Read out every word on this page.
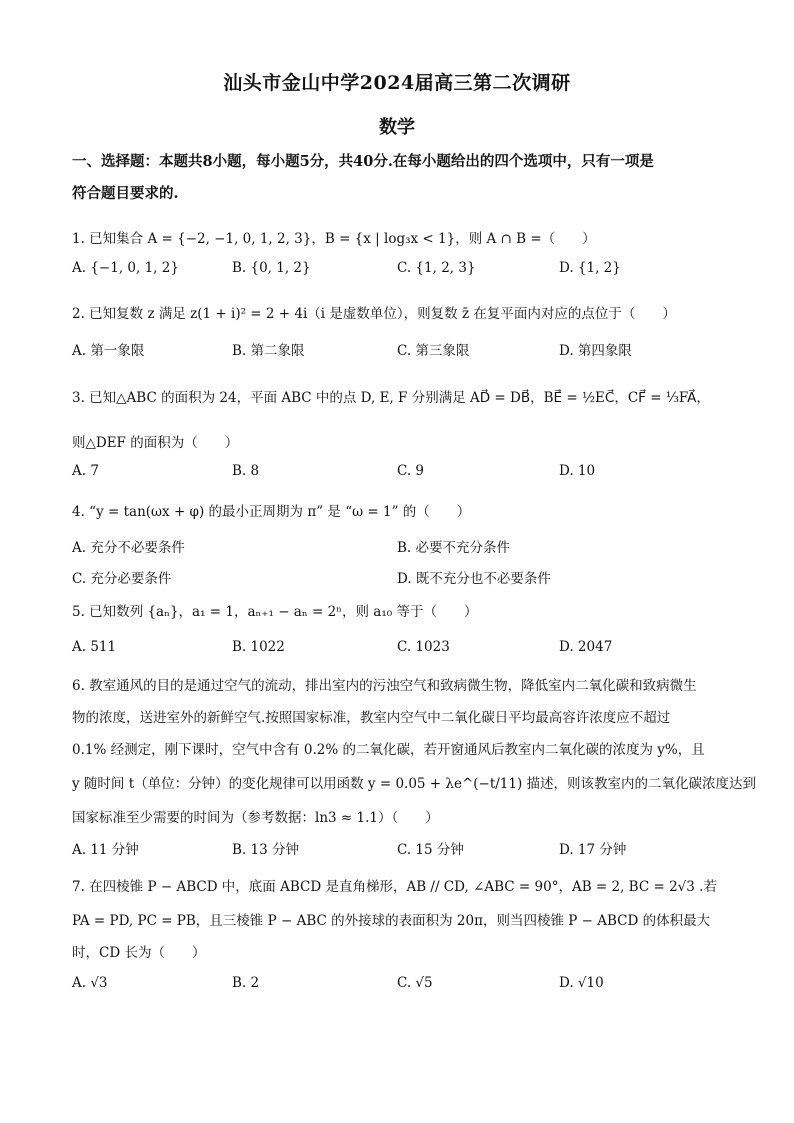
汕头市金山中学2024届高三第二次调研
数学
一、选择题：本题共8小题，每小题5分，共40分.在每小题给出的四个选项中，只有一项是
符合题目要求的.
1. 已知集合 A = {−2, −1, 0, 1, 2, 3}，B = {x | log₃x < 1}，则 A ∩ B =（　　）
A. {−1, 0, 1, 2}	B. {0, 1, 2}	C. {1, 2, 3}	D. {1, 2}
2. 已知复数 z 满足 z(1 + i)² = 2 + 4i（i 是虚数单位），则复数 z̄ 在复平面内对应的点位于（　　）
A. 第一象限	B. 第二象限	C. 第三象限	D. 第四象限
3. 已知△ABC 的面积为 24，平面 ABC 中的点 D, E, F 分别满足 AD⃗ = DB⃗，BE⃗ = ½EC⃗，CF⃗ = ⅓FA⃗，
则△DEF 的面积为（　　）
A. 7	B. 8	C. 9	D. 10
4. “y = tan(ωx + φ) 的最小正周期为 π” 是 “ω = 1” 的（　　）
A. 充分不必要条件	B. 必要不充分条件
C. 充分必要条件	D. 既不充分也不必要条件
5. 已知数列 {aₙ}，a₁ = 1，aₙ₊₁ − aₙ = 2ⁿ，则 a₁₀ 等于（　　）
A. 511	B. 1022	C. 1023	D. 2047
6. 教室通风的目的是通过空气的流动，排出室内的污浊空气和致病微生物，降低室内二氧化碳和致病微生
物的浓度，送进室外的新鲜空气.按照国家标准，教室内空气中二氧化碳日平均最高容许浓度应不超过
0.1% 经测定，刚下课时，空气中含有 0.2% 的二氧化碳，若开窗通风后教室内二氧化碳的浓度为 y%，且
y 随时间 t（单位：分钟）的变化规律可以用函数 y = 0.05 + λe^(−t/11) 描述，则该教室内的二氧化碳浓度达到
国家标准至少需要的时间为（参考数据：ln3 ≈ 1.1）（　　）
A. 11 分钟	B. 13 分钟	C. 15 分钟	D. 17 分钟
7. 在四棱锥 P − ABCD 中，底面 ABCD 是直角梯形，AB // CD, ∠ABC = 90°，AB = 2, BC = 2√3 .若
PA = PD, PC = PB，且三棱锥 P − ABC 的外接球的表面积为 20π，则当四棱锥 P − ABCD 的体积最大
时，CD 长为（　　）
A. √3	B. 2	C. √5	D. √10
